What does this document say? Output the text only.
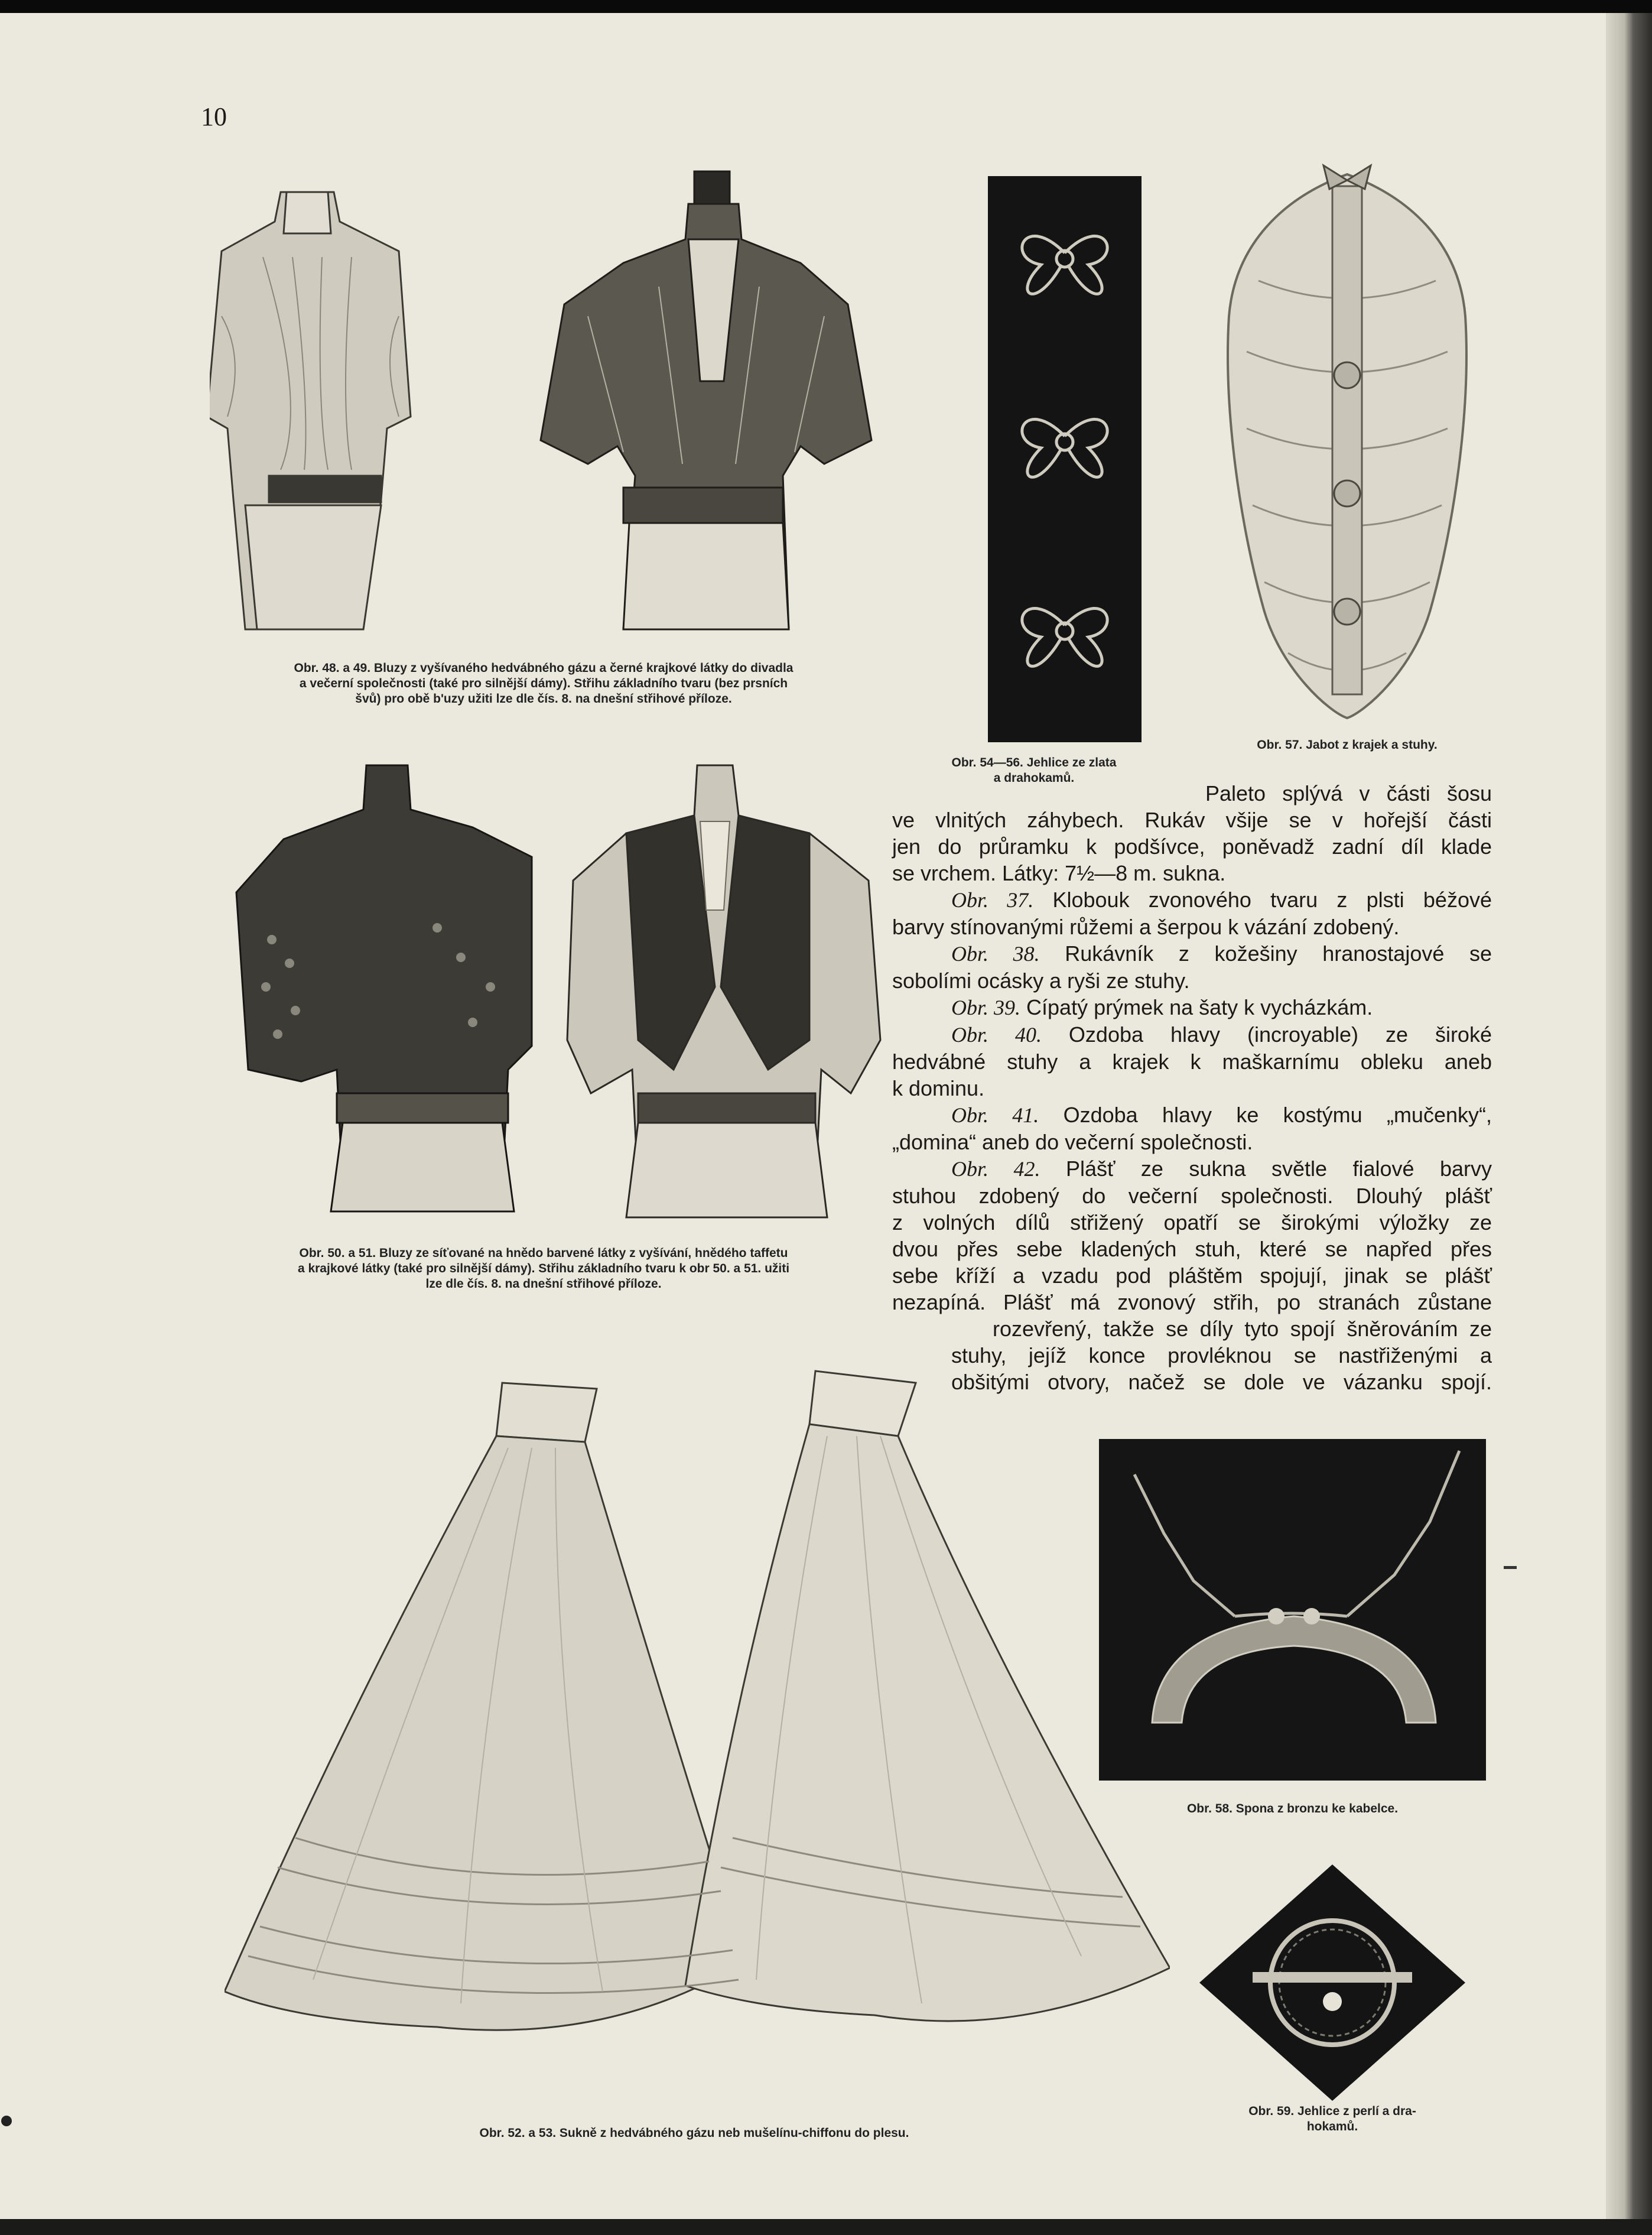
10
Obr. 48. a 49. Bluzy z vyšívaného hedvábného gázu a černé krajkové látky do divadla
a večerní společnosti (také pro silnější dámy). Střihu základního tvaru (bez prsních
švů) pro obě b'uzy užiti lze dle čís. 8. na dnešní střihové příloze.
Obr. 54—56. Jehlice ze zlata
a drahokamů.
Obr. 57. Jabot z krajek a stuhy.
Obr. 50. a 51. Bluzy ze síťované na hnědo barvené látky z vyšívání, hnědého taffetu
a krajkové látky (také pro silnější dámy). Střihu základního tvaru k obr 50. a 51. užiti
lze dle čís. 8. na dnešní střihové příloze.
Paleto splývá v části šosu
ve vlnitých záhybech. Rukáv všije se v hořejší části
jen do průramku k podšívce, poněvadž zadní díl klade
se vrchem. Látky: 7½—8 m. sukna.
Obr. 37. Klobouk zvonového tvaru z plsti béžové
barvy stínovanými růžemi a šerpou k vázání zdobený.
Obr. 38. Rukávník z kožešiny hranostajové se
sobolími ocásky a ryši ze stuhy.
Obr. 39. Cípatý prýmek na šaty k vycházkám.
Obr. 40. Ozdoba hlavy (incroyable) ze široké
hedvábné stuhy a krajek k maškarnímu obleku aneb
k dominu.
Obr. 41. Ozdoba hlavy ke kostýmu „mučenky“,
„domina“ aneb do večerní společnosti.
Obr. 42. Plášť ze sukna světle fialové barvy
stuhou zdobený do večerní společnosti. Dlouhý plášť
z volných dílů střižený opatří se širokými výložky ze
dvou přes sebe kladených stuh, které se napřed přes
sebe kříží a vzadu pod pláštěm spojují, jinak se plášť
nezapíná. Plášť má zvonový střih, po stranách zůstane
rozevřený, takže se díly tyto spojí šněrováním ze
stuhy, jejíž konce provléknou se nastřiženými a
obšitými otvory, načež se dole ve vázanku spojí.
Obr. 52. a 53. Sukně z hedvábného gázu neb mušelínu-chiffonu do plesu.
Obr. 58. Spona z bronzu ke kabelce.
Obr. 59. Jehlice z perlí a dra-
hokamů.
